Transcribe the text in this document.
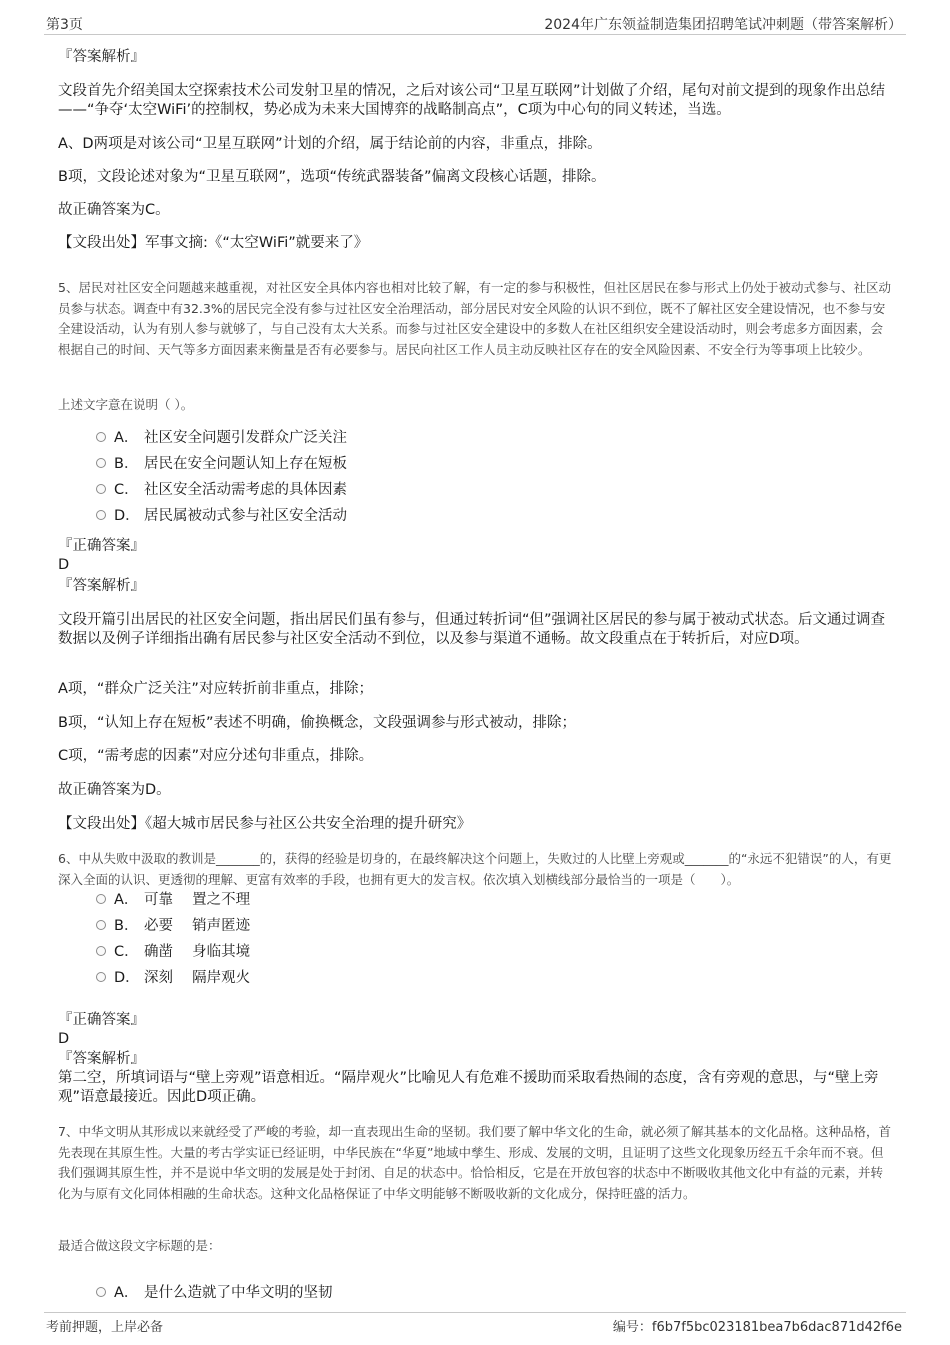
第3页	2024年广东领益制造集团招聘笔试冲刺题（带答案解析）
『答案解析』

文段首先介绍美国太空探索技术公司发射卫星的情况，之后对该公司“卫星互联网”计划做了介绍，尾句对前文提到的现象作出总结——“争夺‘太空WiFi’的控制权，势必成为未来大国博弈的战略制高点”，C项为中心句的同义转述，当选。

A、D两项是对该公司“卫星互联网”计划的介绍，属于结论前的内容，非重点，排除。

B项，文段论述对象为“卫星互联网”，选项“传统武器装备”偏离文段核心话题，排除。

故正确答案为C。

【文段出处】军事文摘:《“太空WiFi”就要来了》

5、居民对社区安全问题越来越重视，对社区安全具体内容也相对比较了解，有一定的参与积极性，但社区居民在参与形式上仍处于被动式参与、社区动员参与状态。调查中有32.3%的居民完全没有参与过社区安全治理活动，部分居民对安全风险的认识不到位，既不了解社区安全建设情况，也不参与安全建设活动，认为有别人参与就够了，与自己没有太大关系。而参与过社区安全建设中的多数人在社区组织安全建设活动时，则会考虑多方面因素，会根据自己的时间、天气等多方面因素来衡量是否有必要参与。居民向社区工作人员主动反映社区存在的安全风险因素、不安全行为等事项上比较少。

上述文字意在说明（ ）。

A． 社区安全问题引发群众广泛关注
B． 居民在安全问题认知上存在短板
C． 社区安全活动需考虑的具体因素
D． 居民属被动式参与社区安全活动
『正确答案』
D
『答案解析』

文段开篇引出居民的社区安全问题，指出居民们虽有参与，但通过转折词“但”强调社区居民的参与属于被动式状态。后文通过调查数据以及例子详细指出确有居民参与社区安全活动不到位，以及参与渠道不通畅。故文段重点在于转折后，对应D项。

A项，“群众广泛关注”对应转折前非重点，排除；

B项，“认知上存在短板”表述不明确，偷换概念，文段强调参与形式被动，排除；

C项，“需考虑的因素”对应分述句非重点，排除。

故正确答案为D。

【文段出处】《超大城市居民参与社区公共安全治理的提升研究》

6、中从失败中汲取的教训是_______的，获得的经验是切身的，在最终解决这个问题上，失败过的人比壁上旁观或_______的“永远不犯错误”的人，有更深入全面的认识、更透彻的理解、更富有效率的手段，也拥有更大的发言权。依次填入划横线部分最恰当的一项是（　　）。

A． 可靠　 置之不理
B． 必要　 销声匿迹
C． 确凿　 身临其境
D． 深刻　 隔岸观火
『正确答案』
D
『答案解析』

第二空，所填词语与“壁上旁观”语意相近。“隔岸观火”比喻见人有危难不援助而采取看热闹的态度，含有旁观的意思，与“壁上旁观”语意最接近。因此D项正确。

7、中华文明从其形成以来就经受了严峻的考验，却一直表现出生命的坚韧。我们要了解中华文化的生命，就必须了解其基本的文化品格。这种品格，首先表现在其原生性。大量的考古学实证已经证明，中华民族在“华夏”地域中孳生、形成、发展的文明，且证明了这些文化现象历经五千余年而不衰。但我们强调其原生性，并不是说中华文明的发展是处于封闭、自足的状态中。恰恰相反，它是在开放包容的状态中不断吸收其他文化中有益的元素，并转化为与原有文化同体相融的生命状态。这种文化品格保证了中华文明能够不断吸收新的文化成分，保持旺盛的活力。

最适合做这段文字标题的是：

A． 是什么造就了中华文明的坚韧
考前押题，上岸必备	编号：f6b7f5bc023181bea7b6dac871d42f6e
